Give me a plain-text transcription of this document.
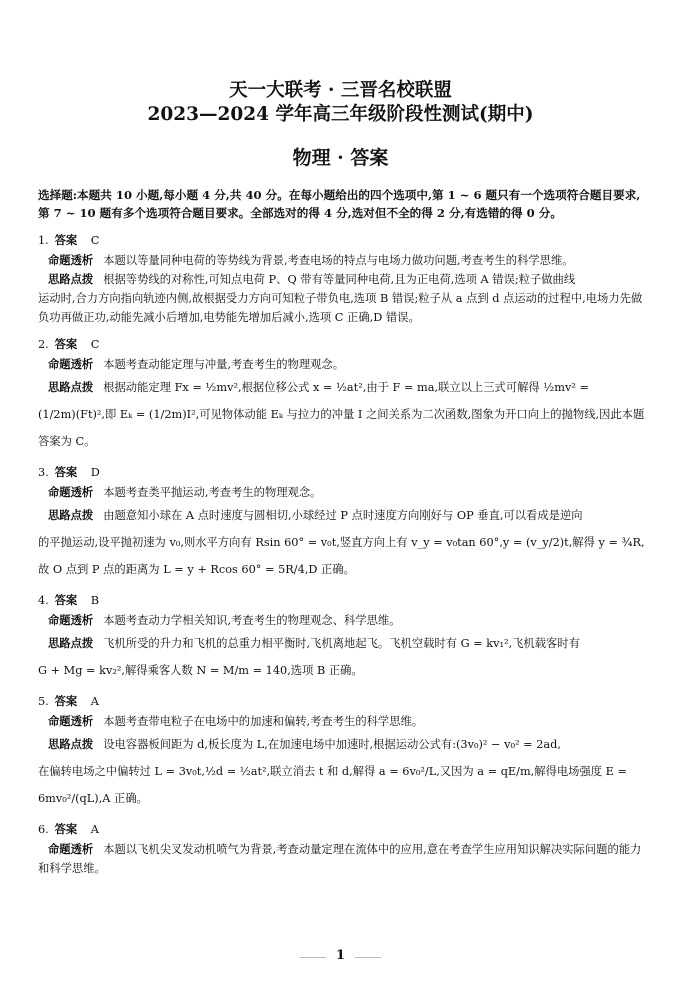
天一大联考 · 三晋名校联盟
2023—2024 学年高三年级阶段性测试(期中)
物理 · 答案
选择题:本题共 10 小题,每小题 4 分,共 40 分。在每小题给出的四个选项中,第 1 ~ 6 题只有一个选项符合题目要求,第 7 ~ 10 题有多个选项符合题目要求。全部选对的得 4 分,选对但不全的得 2 分,有选错的得 0 分。
1. 答案 C
命题透析 本题以等量同种电荷的等势线为背景,考查电场的特点与电场力做功问题,考查考生的科学思维。
思路点拨 根据等势线的对称性,可知点电荷 P、Q 带有等量同种电荷,且为正电荷,选项 A 错误;粒子做曲线
运动时,合力方向指向轨迹内侧,故根据受力方向可知粒子带负电,选项 B 错误;粒子从 a 点到 d 点运动的过程中,电场力先做负功再做正功,动能先减小后增加,电势能先增加后减小,选项 C 正确,D 错误。
2. 答案 C
命题透析 本题考查动能定理与冲量,考查考生的物理观念。
思路点拨 根据动能定理 Fx = ½mv²,根据位移公式 x = ½at²,由于 F = ma,联立以上三式可解得 ½mv² =
(1/2m)(Ft)²,即 Eₖ = (1/2m)I²,可见物体动能 Eₖ 与拉力的冲量 I 之间关系为二次函数,图象为开口向上的抛物线,因此本题答案为 C。
3. 答案 D
命题透析 本题考查类平抛运动,考查考生的物理观念。
思路点拨 由题意知小球在 A 点时速度与圆相切,小球经过 P 点时速度方向刚好与 OP 垂直,可以看成是逆向
的平抛运动,设平抛初速为 v₀,则水平方向有 Rsin 60° = v₀t,竖直方向上有 v_y = v₀tan 60°,y = (v_y/2)t,解得 y = ¾R,故 O 点到 P 点的距离为 L = y + Rcos 60° = 5R/4,D 正确。
4. 答案 B
命题透析 本题考查动力学相关知识,考查考生的物理观念、科学思维。
思路点拨 飞机所受的升力和飞机的总重力相平衡时,飞机离地起飞。飞机空载时有 G = kv₁²,飞机载客时有
G + Mg = kv₂²,解得乘客人数 N = M/m = 140,选项 B 正确。
5. 答案 A
命题透析 本题考查带电粒子在电场中的加速和偏转,考查考生的科学思维。
思路点拨 设电容器板间距为 d,板长度为 L,在加速电场中加速时,根据运动公式有:(3v₀)² − v₀² = 2ad,
在偏转电场之中偏转过 L = 3v₀t,½d = ½at²,联立消去 t 和 d,解得 a = 6v₀²/L,又因为 a = qE/m,解得电场强度 E = 6mv₀²/(qL),A 正确。
6. 答案 A
命题透析 本题以飞机尖叉发动机喷气为背景,考查动量定理在流体中的应用,意在考查学生应用知识解决实际问题的能力和科学思维。
1
